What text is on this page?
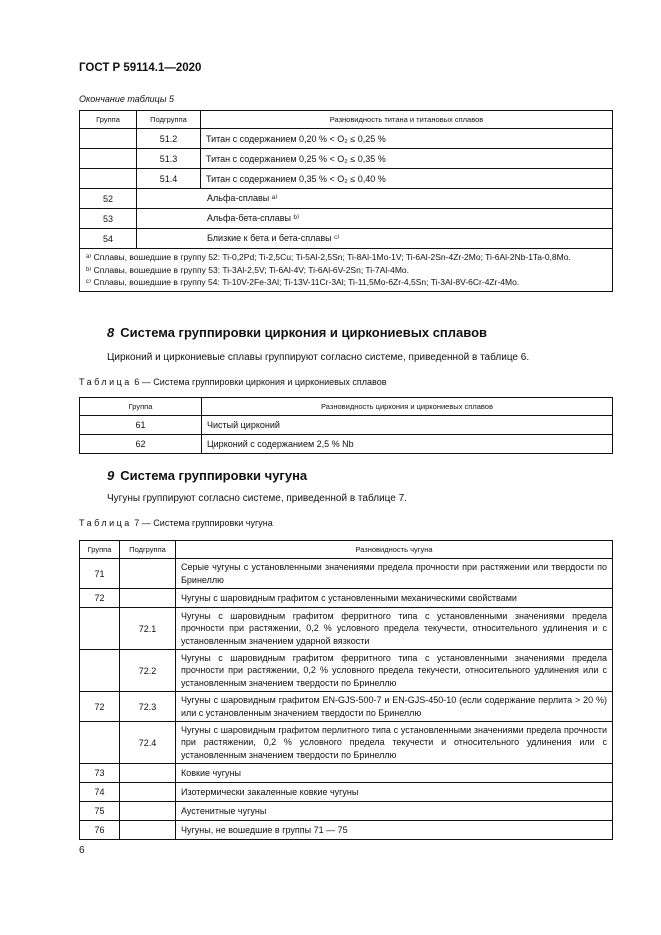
ГОСТ Р 59114.1—2020
Окончание таблицы 5
Группа	Подгруппа	Разновидность титана и титановых сплавов
	51.2	Титан с содержанием 0,20 % < O₂ ≤ 0,25 %
	51.3	Титан с содержанием 0,25 % < O₂ ≤ 0,35 %
	51.4	Титан с содержанием 0,35 % < O₂ ≤ 0,40 %
52	Альфа-сплавы ᵃ⁾	
53	Альфа-бета-сплавы ᵇ⁾	
54	Близкие к бета и бета-сплавы ᶜ⁾	

ᵃ⁾ Сплавы, вошедшие в группу 52: Ti-0,2Pd; Ti-2,5Cu; Ti-5Al-2,5Sn; Ti-8Al-1Mo-1V; Ti-6Al-2Sn-4Zr-2Mo; Ti-6Al-2Nb-1Ta-0,8Mo.
ᵇ⁾ Сплавы, вошедшие в группу 53: Ti-3Al-2,5V; Ti-6Al-4V; Ti-6Al-6V-2Sn; Ti-7Al-4Mo.
ᶜ⁾ Сплавы, вошедшие в группу 54: Ti-10V-2Fe-3Al; Ti-13V-11Cr-3Al; Ti-11,5Mo-6Zr-4,5Sn; Ti-3Al-8V-6Cr-4Zr-4Mo.		
8 Система группировки циркония и циркониевых сплавов
Цирконий и циркониевые сплавы группируют согласно системе, приведенной в таблице 6.
Таблица 6 — Система группировки циркония и циркониевых сплавов
Группа	Разновидность циркония и циркониевых сплавов
61	Чистый цирконий
62	Цирконий с содержанием 2,5 % Nb
9 Система группировки чугуна
Чугуны группируют согласно системе, приведенной в таблице 7.
Таблица 7 — Система группировки чугуна
Группа	Подгруппа	Разновидность чугуна
71		Серые чугуны с установленными значениями предела прочности при растяжении или твердости по Бринеллю
72		Чугуны с шаровидным графитом с установленными механическими свойствами
	72.1	Чугуны с шаровидным графитом ферритного типа с установленными значениями предела прочности при растяжении, 0,2 % условного предела текучести, относительного удлинения и с установленным значением ударной вязкости
	72.2	Чугуны с шаровидным графитом ферритного типа с установленными значениями предела прочности при растяжении, 0,2 % условного предела текучести, относительного удлинения или с установленным значением твердости по Бринеллю
72	72.3	Чугуны с шаровидным графитом EN-GJS-500-7 и EN-GJS-450-10 (если содержание перлита > 20 %) или с установленным значением твердости по Бринеллю
	72.4	Чугуны с шаровидным графитом перлитного типа с установленными значениями предела прочности при растяжении, 0,2 % условного предела текучести и относительного удлинения или с установленным значением твердости по Бринеллю
73		Ковкие чугуны
74		Изотермически закаленные ковкие чугуны
75		Аустенитные чугуны
76		Чугуны, не вошедшие в группы 71 — 75
6
